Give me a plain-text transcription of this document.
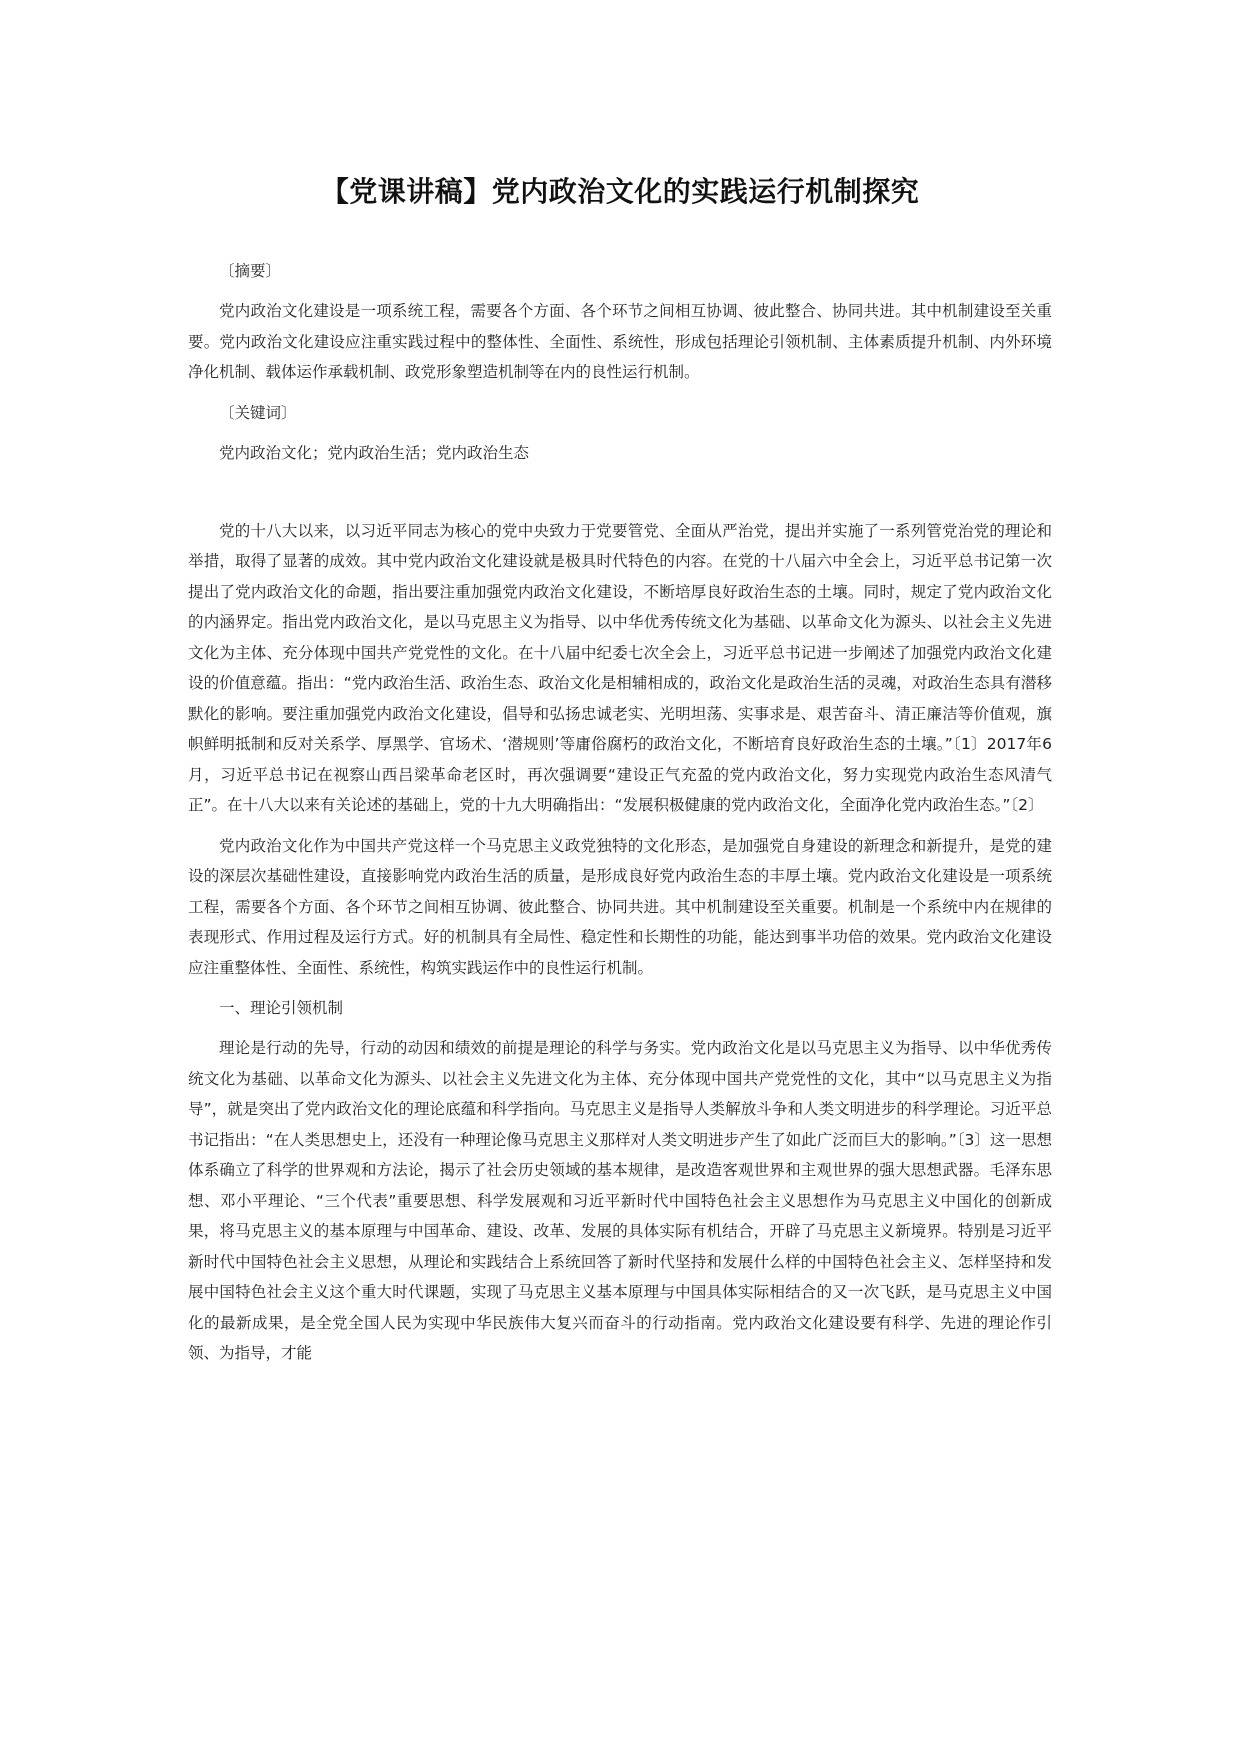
【党课讲稿】党内政治文化的实践运行机制探究

〔摘要〕

党内政治文化建设是一项系统工程，需要各个方面、各个环节之间相互协调、彼此整合、协同共进。其中机制建设至关重要。党内政治文化建设应注重实践过程中的整体性、全面性、系统性，形成包括理论引领机制、主体素质提升机制、内外环境净化机制、载体运作承载机制、政党形象塑造机制等在内的良性运行机制。

〔关键词〕

党内政治文化；党内政治生活；党内政治生态

党的十八大以来，以习近平同志为核心的党中央致力于党要管党、全面从严治党，提出并实施了一系列管党治党的理论和举措，取得了显著的成效。其中党内政治文化建设就是极具时代特色的内容。在党的十八届六中全会上，习近平总书记第一次提出了党内政治文化的命题，指出要注重加强党内政治文化建设，不断培厚良好政治生态的土壤。同时，规定了党内政治文化的内涵界定。指出党内政治文化，是以马克思主义为指导、以中华优秀传统文化为基础、以革命文化为源头、以社会主义先进文化为主体、充分体现中国共产党党性的文化。在十八届中纪委七次全会上，习近平总书记进一步阐述了加强党内政治文化建设的价值意蕴。指出：“党内政治生活、政治生态、政治文化是相辅相成的，政治文化是政治生活的灵魂，对政治生态具有潜移默化的影响。要注重加强党内政治文化建设，倡导和弘扬忠诚老实、光明坦荡、实事求是、艰苦奋斗、清正廉洁等价值观，旗帜鲜明抵制和反对关系学、厚黑学、官场术、‘潜规则’等庸俗腐朽的政治文化，不断培育良好政治生态的土壤。”〔1〕2017年6月，习近平总书记在视察山西吕梁革命老区时，再次强调要“建设正气充盈的党内政治文化，努力实现党内政治生态风清气正”。在十八大以来有关论述的基础上，党的十九大明确指出：“发展积极健康的党内政治文化，全面净化党内政治生态。”〔2〕

党内政治文化作为中国共产党这样一个马克思主义政党独特的文化形态，是加强党自身建设的新理念和新提升，是党的建设的深层次基础性建设，直接影响党内政治生活的质量，是形成良好党内政治生态的丰厚土壤。党内政治文化建设是一项系统工程，需要各个方面、各个环节之间相互协调、彼此整合、协同共进。其中机制建设至关重要。机制是一个系统中内在规律的表现形式、作用过程及运行方式。好的机制具有全局性、稳定性和长期性的功能，能达到事半功倍的效果。党内政治文化建设应注重整体性、全面性、系统性，构筑实践运作中的良性运行机制。

一、理论引领机制

理论是行动的先导，行动的动因和绩效的前提是理论的科学与务实。党内政治文化是以马克思主义为指导、以中华优秀传统文化为基础、以革命文化为源头、以社会主义先进文化为主体、充分体现中国共产党党性的文化，其中“以马克思主义为指导”，就是突出了党内政治文化的理论底蕴和科学指向。马克思主义是指导人类解放斗争和人类文明进步的科学理论。习近平总书记指出：“在人类思想史上，还没有一种理论像马克思主义那样对人类文明进步产生了如此广泛而巨大的影响。”〔3〕这一思想体系确立了科学的世界观和方法论，揭示了社会历史领域的基本规律，是改造客观世界和主观世界的强大思想武器。毛泽东思想、邓小平理论、“三个代表”重要思想、科学发展观和习近平新时代中国特色社会主义思想作为马克思主义中国化的创新成果，将马克思主义的基本原理与中国革命、建设、改革、发展的具体实际有机结合，开辟了马克思主义新境界。特别是习近平新时代中国特色社会主义思想，从理论和实践结合上系统回答了新时代坚持和发展什么样的中国特色社会主义、怎样坚持和发展中国特色社会主义这个重大时代课题，实现了马克思主义基本原理与中国具体实际相结合的又一次飞跃，是马克思主义中国化的最新成果，是全党全国人民为实现中华民族伟大复兴而奋斗的行动指南。党内政治文化建设要有科学、先进的理论作引领、为指导，才能
